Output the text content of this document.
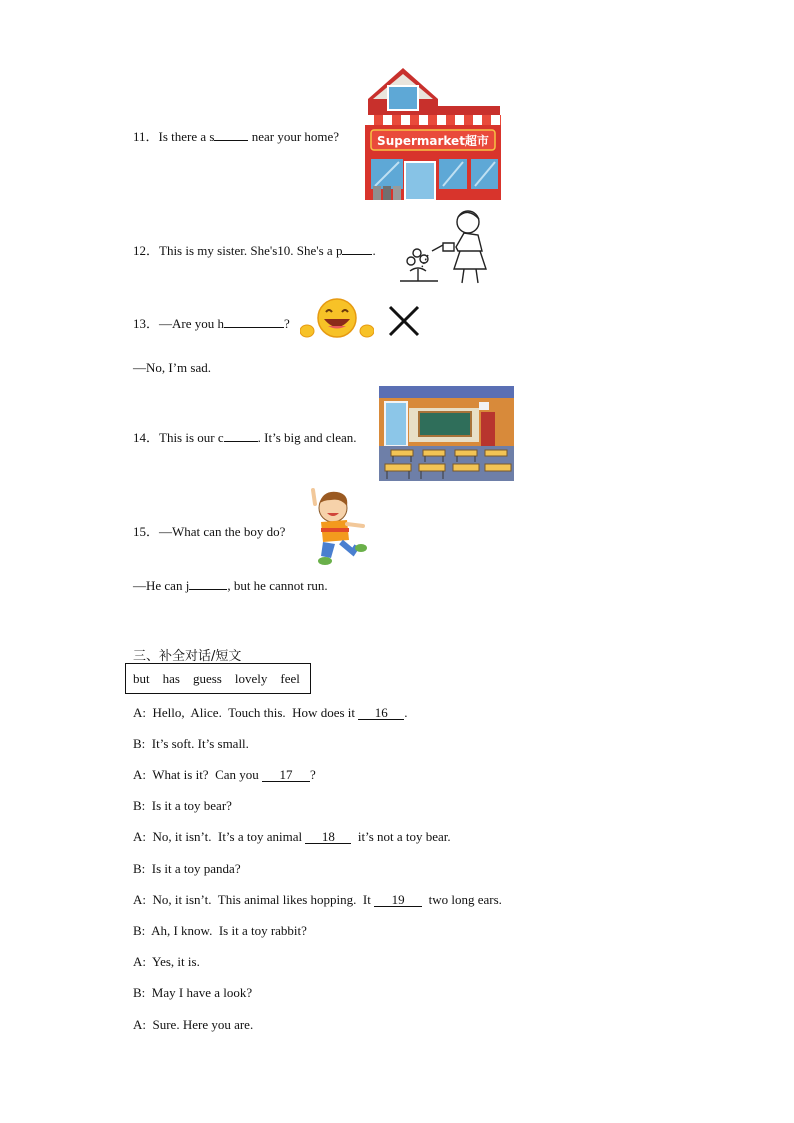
11．Is there a s	near your home?	Supermarket超市
12．This is my sister. She's10. She's a p .
13．—Are you h	?
—No, I’m sad.
14．This is our c	. It’s big and clean.
15．—What can the boy do?
—He can j	, but he cannot run.
三、补全对话/短文
but has guess lovely feel
A:  Hello,  Alice.  Touch this.  How does it 16 .
B:  It’s soft. It’s small.
A:  What is it?  Can you 17 ?
B:  Is it a toy bear?
A:  No, it isn’t.  It’s a toy animal 18  it’s not a toy bear.
B:  Is it a toy panda?
A:  No, it isn’t.  This animal likes hopping.  It 19  two long ears.
B:  Ah, I know.  Is it a toy rabbit?
A:  Yes, it is.
B:  May I have a look?
A:  Sure. Here you are.
